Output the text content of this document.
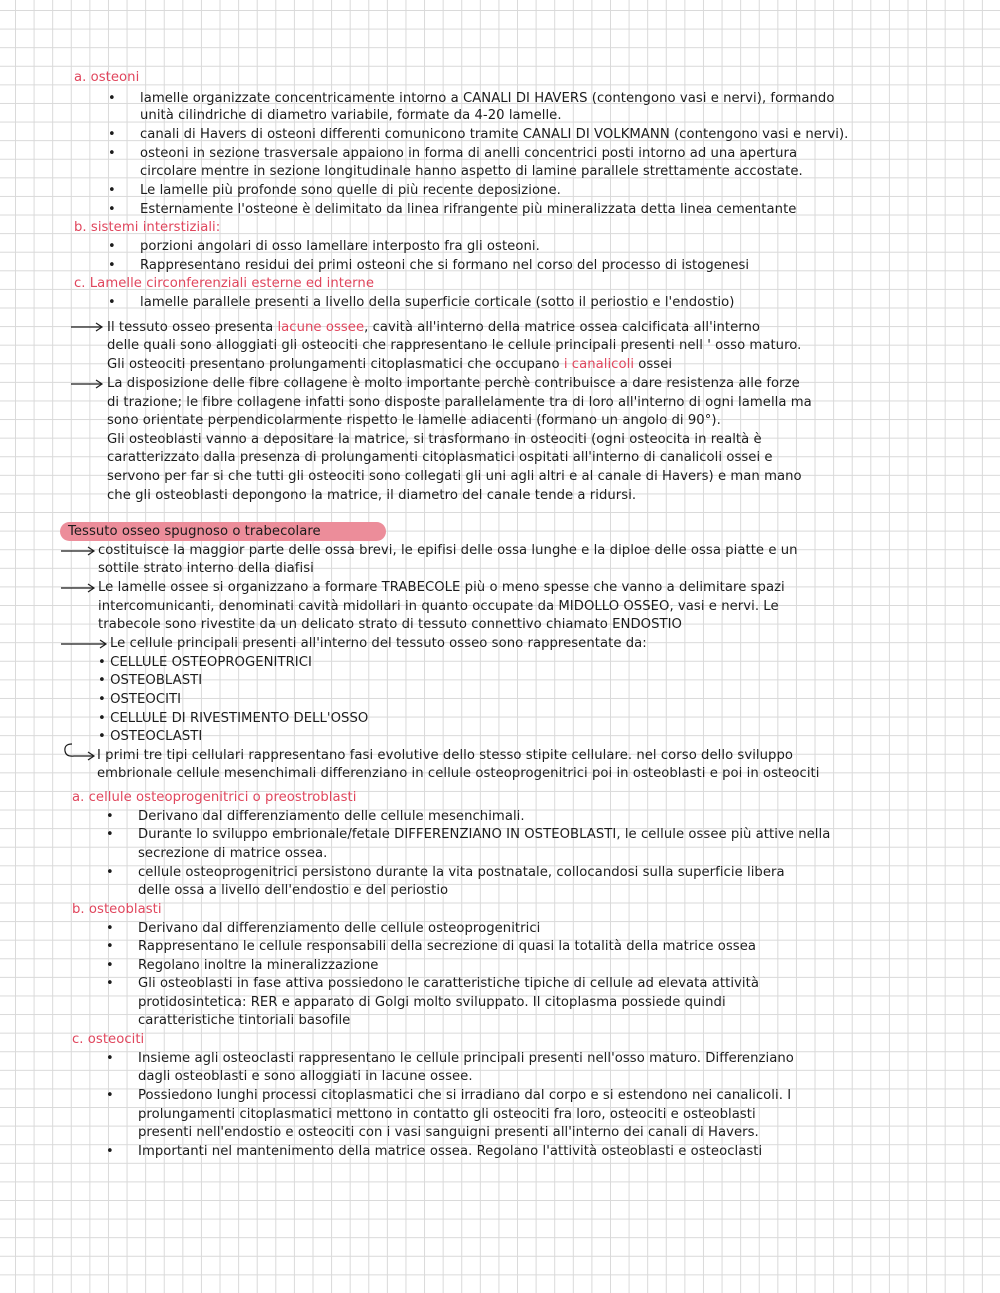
a. osteoni

• lamelle organizzate concentricamente intorno a CANALI DI HAVERS (contengono vasi e nervi), formando

unità cilindriche di diametro variabile, formate da 4-20 lamelle.

• canali di Havers di osteoni differenti comunicono tramite CANALI DI VOLKMANN (contengono vasi e nervi).

• osteoni in sezione trasversale appaiono in forma di anelli concentrici posti intorno ad una apertura

circolare mentre in sezione longitudinale hanno aspetto di lamine parallele strettamente accostate.

• Le lamelle più profonde sono quelle di più recente deposizione.

• Esternamente l'osteone è delimitato da linea rifrangente più mineralizzata detta linea cementante

b. sistemi interstiziali:

• porzioni angolari di osso lamellare interposto fra gli osteoni.

• Rappresentano residui dei primi osteoni che si formano nel corso del processo di istogenesi

c. Lamelle circonferenziali esterne ed interne

• lamelle parallele presenti a livello della superficie corticale (sotto il periostio e l'endostio)

Il tessuto osseo presenta lacune ossee, cavità all'interno della matrice ossea calcificata all'interno

delle quali sono alloggiati gli osteociti che rappresentano le cellule principali presenti nell ' osso maturo.

Gli osteociti presentano prolungamenti citoplasmatici che occupano i canalicoli ossei

La disposizione delle fibre collagene è molto importante perchè contribuisce a dare resistenza alle forze

di trazione; le fibre collagene infatti sono disposte parallelamente tra di loro all'interno di ogni lamella ma

sono orientate perpendicolarmente rispetto le lamelle adiacenti (formano un angolo di 90°).

Gli osteoblasti vanno a depositare la matrice, si trasformano in osteociti (ogni osteocita in realtà è

caratterizzato dalla presenza di prolungamenti citoplasmatici ospitati all'interno di canalicoli ossei e

servono per far si che tutti gli osteociti sono collegati gli uni agli altri e al canale di Havers) e man mano

che gli osteoblasti depongono la matrice, il diametro del canale tende a ridursi.

Tessuto osseo spugnoso o trabecolare

costituisce la maggior parte delle ossa brevi, le epifisi delle ossa lunghe e la diploe delle ossa piatte e un

sottile strato interno della diafisi

Le lamelle ossee si organizzano a formare TRABECOLE più o meno spesse che vanno a delimitare spazi

intercomunicanti, denominati cavità midollari in quanto occupate da MIDOLLO OSSEO, vasi e nervi. Le

trabecole sono rivestite da un delicato strato di tessuto connettivo chiamato ENDOSTIO

Le cellule principali presenti all'interno del tessuto osseo sono rappresentate da:

• CELLULE OSTEOPROGENITRICI

• OSTEOBLASTI

• OSTEOCITI

• CELLULE DI RIVESTIMENTO DELL'OSSO

• OSTEOCLASTI

I primi tre tipi cellulari rappresentano fasi evolutive dello stesso stipite cellulare. nel corso dello sviluppo

embrionale cellule mesenchimali differenziano in cellule osteoprogenitrici poi in osteoblasti e poi in osteociti

a. cellule osteoprogenitrici o preostroblasti

• Derivano dal differenziamento delle cellule mesenchimali.

• Durante lo sviluppo embrionale/fetale DIFFERENZIANO IN OSTEOBLASTI, le cellule ossee più attive nella

secrezione di matrice ossea.

• cellule osteoprogenitrici persistono durante la vita postnatale, collocandosi sulla superficie libera

delle ossa a livello dell'endostio e del periostio

b. osteoblasti

• Derivano dal differenziamento delle cellule osteoprogenitrici

• Rappresentano le cellule responsabili della secrezione di quasi la totalità della matrice ossea

• Regolano inoltre la mineralizzazione

• Gli osteoblasti in fase attiva possiedono le caratteristiche tipiche di cellule ad elevata attività

protidosintetica: RER e apparato di Golgi molto sviluppato. Il citoplasma possiede quindi

caratteristiche tintoriali basofile

c. osteociti

• Insieme agli osteoclasti rappresentano le cellule principali presenti nell'osso maturo. Differenziano

dagli osteoblasti e sono alloggiati in lacune ossee.

• Possiedono lunghi processi citoplasmatici che si irradiano dal corpo e si estendono nei canalicoli. I

prolungamenti citoplasmatici mettono in contatto gli osteociti fra loro, osteociti e osteoblasti

presenti nell'endostio e osteociti con i vasi sanguigni presenti all'interno dei canali di Havers.

• Importanti nel mantenimento della matrice ossea. Regolano l'attività osteoblasti e osteoclasti
